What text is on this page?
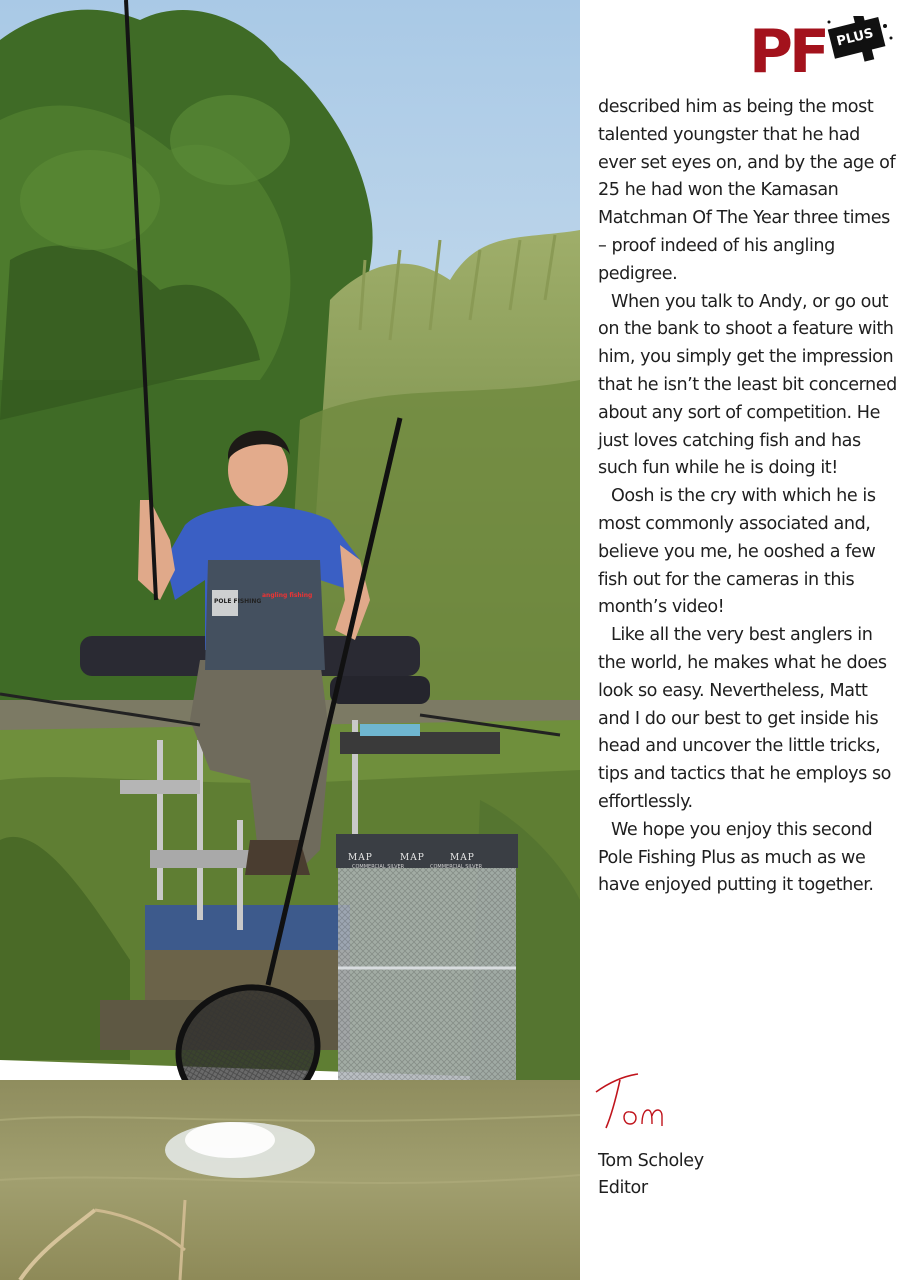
MAP	MAP	MAP
COMMERCIAL SILVER	COMMERCIAL SILVER
POLE FISHING
angling fishing
PF PLUS

described him as being the most talented youngster that he had ever set eyes on, and by the age of 25 he had won the Kamasan Matchman Of The Year three times – proof indeed of his angling pedigree.

When you talk to Andy, or go out on the bank to shoot a feature with him, you simply get the impression that he isn’t the least bit concerned about any sort of competition. He just loves catching fish and has such fun while he is doing it!

Oosh is the cry with which he is most commonly associated and, believe you me, he ooshed a few fish out for the cameras in this month’s video!

Like all the very best anglers in the world, he makes what he does look so easy. Nevertheless, Matt and I do our best to get inside his head and uncover the little tricks, tips and tactics that he employs so effortlessly.

We hope you enjoy this second Pole Fishing Plus as much as we have enjoyed putting it together.

Tom Scholey
Editor
